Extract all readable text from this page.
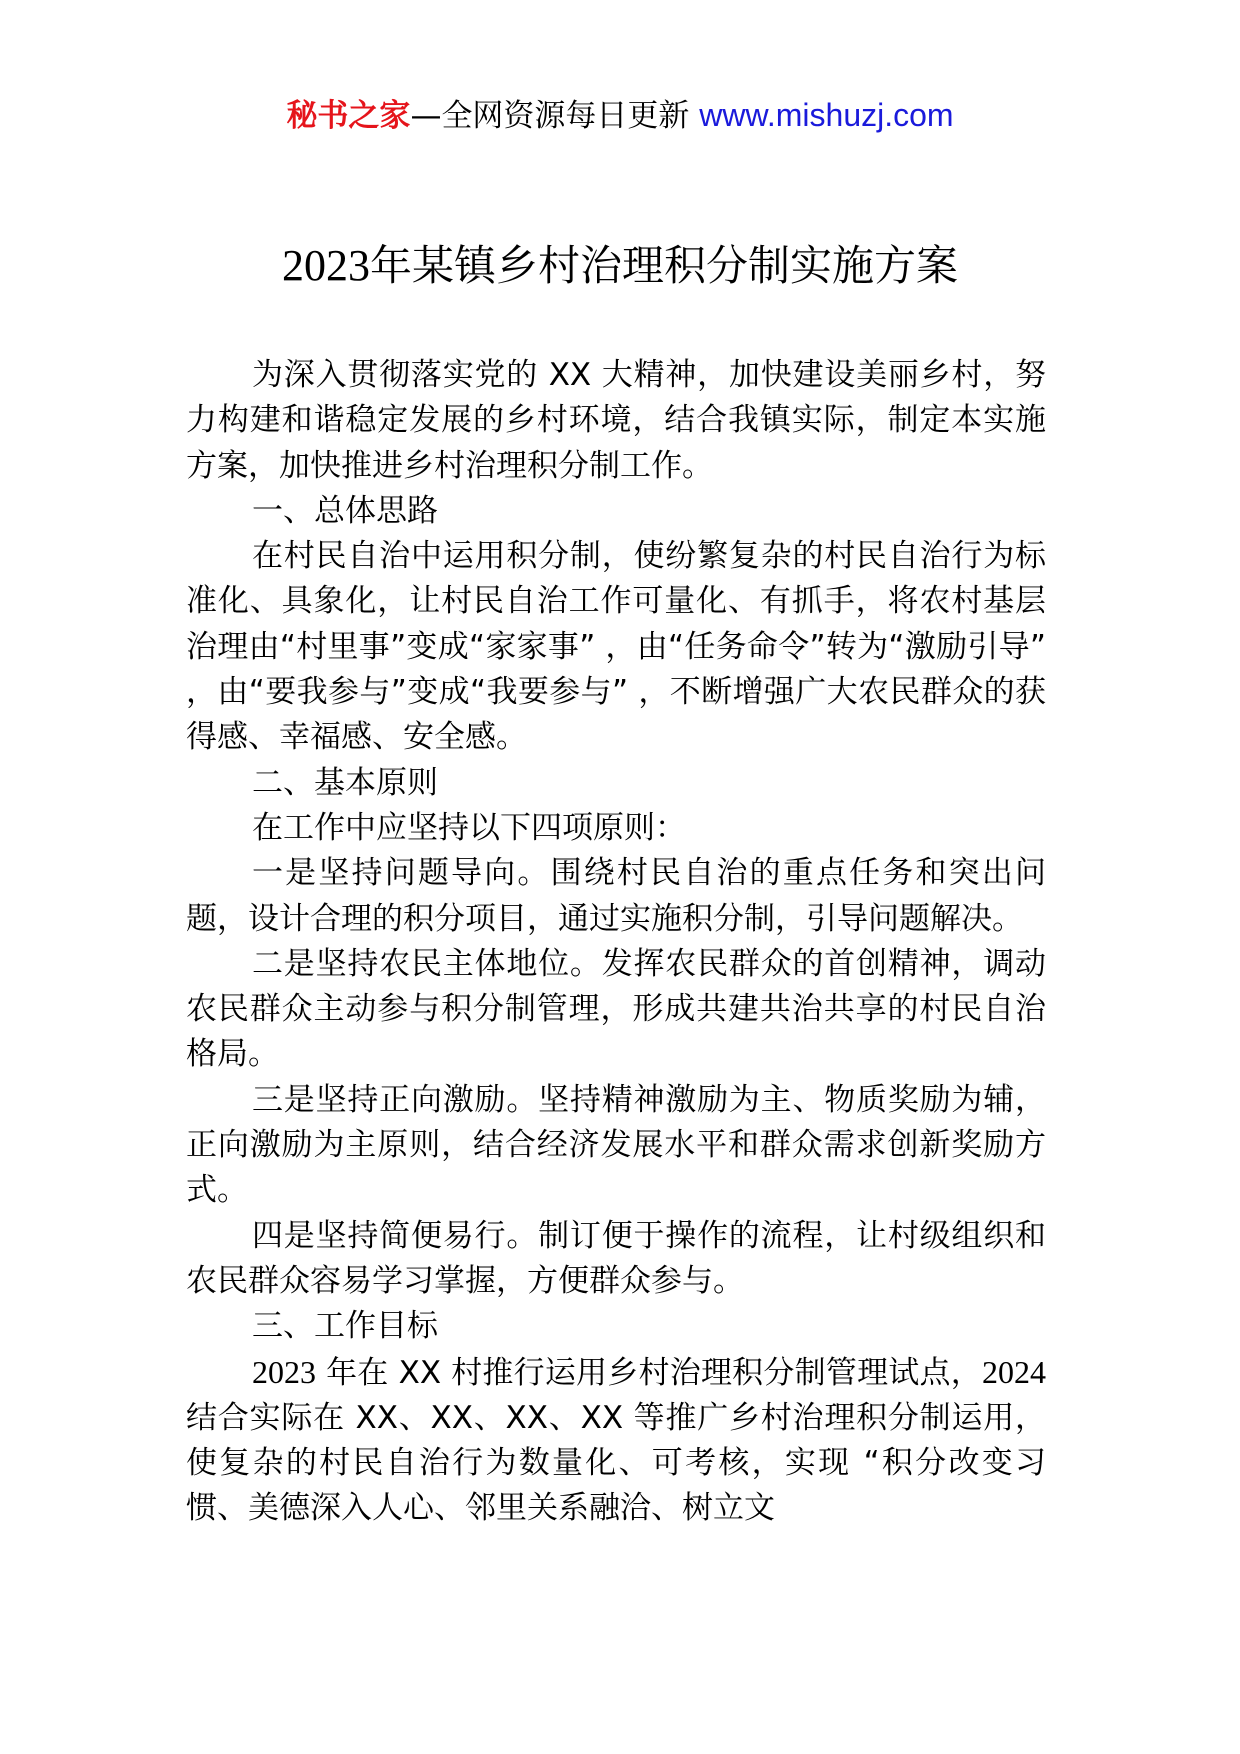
秘书之家—全网资源每日更新 www.mishuzj.com
2023年某镇乡村治理积分制实施方案

为深入贯彻落实党的 XX 大精神，加快建设美丽乡村，努力构建和谐稳定发展的乡村环境，结合我镇实际，制定本实施方案，加快推进乡村治理积分制工作。

一、总体思路

在村民自治中运用积分制，使纷繁复杂的村民自治行为标准化、具象化，让村民自治工作可量化、有抓手，将农村基层治理由“村里事”变成“家家事” ，由“任务命令”转为“激励引导” ，由“要我参与”变成“我要参与” ，不断增强广大农民群众的获得感、幸福感、安全感。

二、基本原则

在工作中应坚持以下四项原则：

一是坚持问题导向。围绕村民自治的重点任务和突出问题，设计合理的积分项目，通过实施积分制，引导问题解决。

二是坚持农民主体地位。发挥农民群众的首创精神，调动农民群众主动参与积分制管理，形成共建共治共享的村民自治格局。

三是坚持正向激励。坚持精神激励为主、物质奖励为辅，正向激励为主原则，结合经济发展水平和群众需求创新奖励方式。

四是坚持简便易行。制订便于操作的流程，让村级组织和农民群众容易学习掌握，方便群众参与。

三、工作目标

2023 年在 XX 村推行运用乡村治理积分制管理试点，2024 结合实际在 XX、XX、XX、XX 等推广乡村治理积分制运用，使复杂的村民自治行为数量化、可考核，实现 “积分改变习惯、美德深入人心、邻里关系融洽、树立文
